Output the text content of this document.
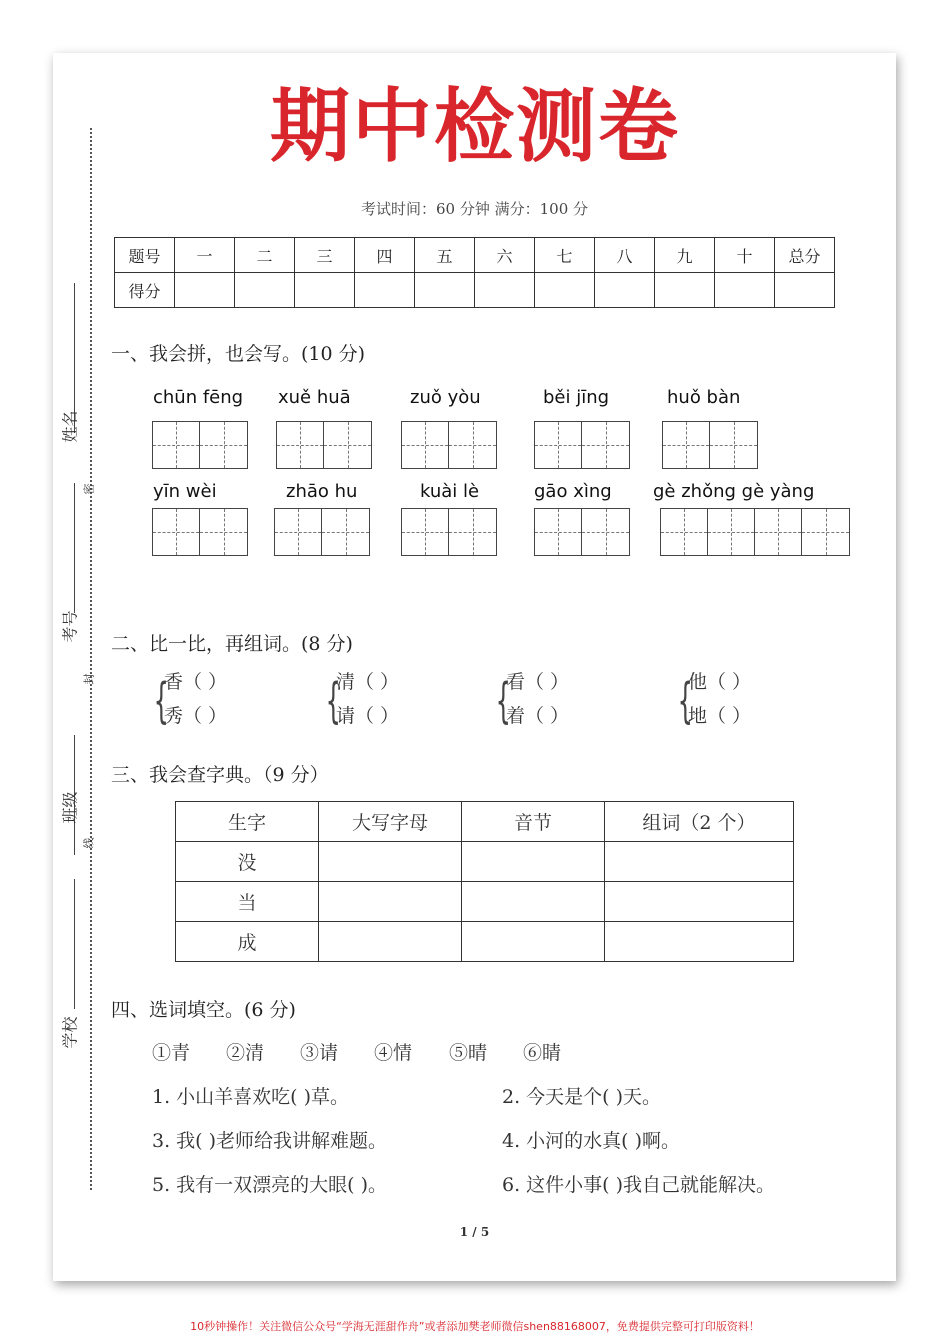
期中检测卷
考试时间：60 分钟 满分：100 分
题号	一	二	三	四	五	六	七	八	九	十	总分
得分											
姓名
考号
班级
学校
密
封
线
一、我会拼，也会写。(10 分)
chūn fēng xuě huā	zuǒ yòu	běi jīng	huǒ bàn
yīn wèi	zhāo hu	kuài lè	gāo xìng gè zhǒng gè yàng
二、比一比，再组词。(8 分)
{
香（ ）
秀（ ） {
清（ ）
请（ ） {
看（ ）
着（ ） {
他（ ）
地（ ）
三、我会查字典。（9 分）
生字	大写字母	音节	组词（2 个）
没			
当			
成			
四、选词填空。(6 分)
①青 ②清 ③请 ④情 ⑤晴 ⑥睛
1. 小山羊喜欢吃( )草。	2. 今天是个( )天。
3. 我( )老师给我讲解难题。	4. 小河的水真( )啊。
5. 我有一双漂亮的大眼( )。	6. 这件小事( )我自己就能解决。
1 / 5
10秒钟操作！关注微信公众号“学海无涯甜作舟”或者添加樊老师微信shen88168007，免费提供完整可打印版资料！
